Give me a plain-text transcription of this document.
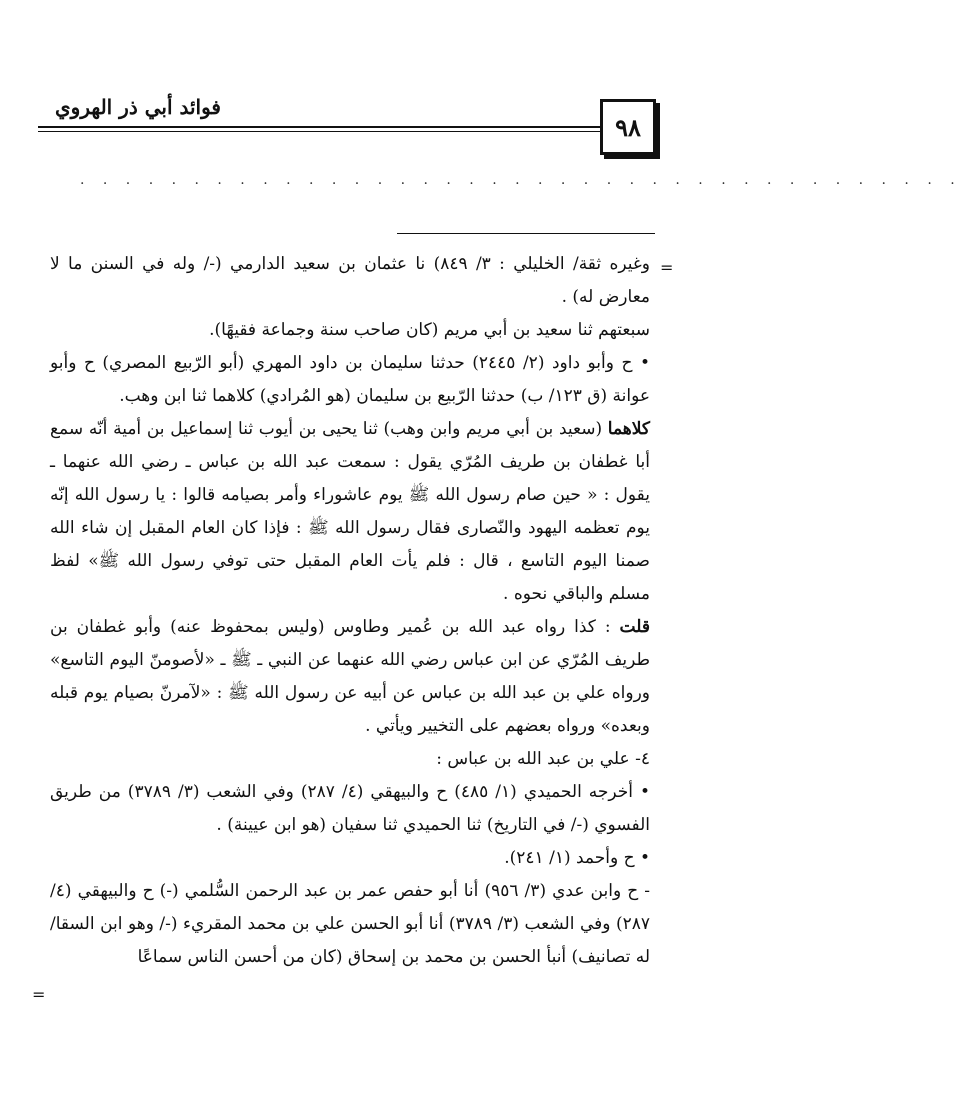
فوائد أبي ذر الهروي
٩٨
. . . . . . . . . . . . . . . . . . . . . . . . . . . . . . . . . . . . . . .
=
=

وغيره ثقة/ الخليلي : ٣/ ٨٤٩) نا عثمان بن سعيد الدارمي (-/ وله في السنن ما لا معارض له) .

سبعتهم ثنا سعيد بن أبي مريم (كان صاحب سنة وجماعة فقيهًا).

• ح وأبو داود (٢/ ٢٤٤٥) حدثنا سليمان بن داود المهري (أبو الرّبيع المصري) ح وأبو عوانة (ق ١٢٣/ ب) حدثنا الرّبيع بن سليمان (هو المُرادي) كلاهما ثنا ابن وهب.

كلاهما (سعيد بن أبي مريم وابن وهب) ثنا يحيى بن أيوب ثنا إسماعيل بن أمية أنّه سمع أبا غطفان بن طريف المُرّي يقول : سمعت عبد الله بن عباس ـ رضي الله عنهما ـ يقول : « حين صام رسول الله ﷺ يوم عاشوراء وأمر بصيامه قالوا : يا رسول الله إنّه يوم تعظمه اليهود والنّصارى فقال رسول الله ﷺ : فإذا كان العام المقبل إن شاء الله صمنا اليوم التاسع ، قال : فلم يأت العام المقبل حتى توفي رسول الله ﷺ» لفظ مسلم والباقي نحوه .

قلت : كذا رواه عبد الله بن عُمير وطاوس (وليس بمحفوظ عنه) وأبو غطفان بن طريف المُرّي عن ابن عباس رضي الله عنهما عن النبي ـ ﷺ ـ «لأصومنّ اليوم التاسع» ورواه علي بن عبد الله بن عباس عن أبيه عن رسول الله ﷺ : «لآمرنّ بصيام يوم قبله وبعده» ورواه بعضهم على التخيير ويأتي .

٤- علي بن عبد الله بن عباس :

• أخرجه الحميدي (١/ ٤٨٥) ح والبيهقي (٤/ ٢٨٧) وفي الشعب (٣/ ٣٧٨٩) من طريق الفسوي (-/ في التاريخ) ثنا الحميدي ثنا سفيان (هو ابن عيينة) .

• ح وأحمد (١/ ٢٤١).

- ح وابن عدي (٣/ ٩٥٦) أنا أبو حفص عمر بن عبد الرحمن السُّلمي (-) ح والبيهقي (٤/ ٢٨٧) وفي الشعب (٣/ ٣٧٨٩) أنا أبو الحسن علي بن محمد المقريء (-/ وهو ابن السقا/ له تصانيف) أنبأ الحسن بن محمد بن إسحاق (كان من أحسن الناس سماعًا
